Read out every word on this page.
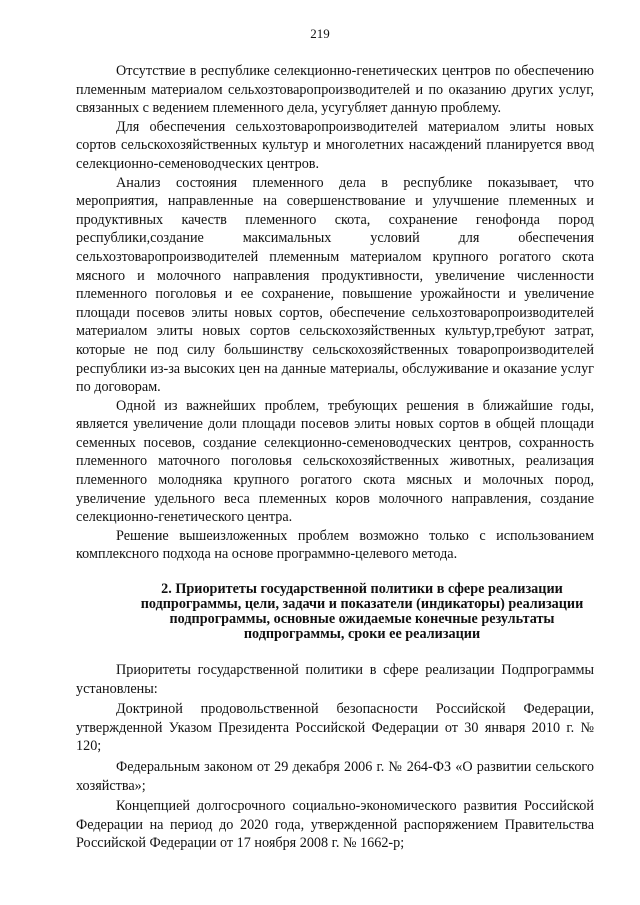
219

Отсутствие в республике селекционно-генетических центров по обеспечению племенным материалом сельхозтоваропроизводителей и по оказанию других услуг, связанных с ведением племенного дела, усугубляет данную проблему.

Для обеспечения сельхозтоваропроизводителей материалом элиты новых сортов сельскохозяйственных культур и многолетних насаждений планируется ввод селекционно-семеноводческих центров.

Анализ состояния племенного дела в республике показывает, что мероприятия, направленные на совершенствование и улучшение племенных и продуктивных качеств племенного скота, сохранение генофонда пород республики,создание максимальных условий для обеспечения сельхозтоваропроизводителей племенным материалом крупного рогатого скота мясного и молочного направления продуктивности, увеличение численности племенного поголовья и ее сохранение, повышение урожайности и увеличение площади посевов элиты новых сортов, обеспечение сельхозтоваропроизводителей материалом элиты новых сортов сельскохозяйственных культур,требуют затрат, которые не под силу большинству сельскохозяйственных товаропроизводителей республики из-за высоких цен на данные материалы, обслуживание и оказание услуг по договорам.

Одной из важнейших проблем, требующих решения в ближайшие годы, является увеличение доли площади посевов элиты новых сортов в общей площади семенных посевов, создание селекционно-семеноводческих центров, сохранность племенного маточного поголовья сельскохозяйственных животных, реализация племенного молодняка крупного рогатого скота мясных и молочных пород, увеличение удельного веса племенных коров молочного направления, создание селекционно-генетического центра.

Решение вышеизложенных проблем возможно только с использованием комплексного подхода на основе программно-целевого метода.

2. Приоритеты государственной политики в сфере реализации подпрограммы, цели, задачи и показатели (индикаторы) реализации подпрограммы, основные ожидаемые конечные результаты подпрограммы, сроки ее реализации

Приоритеты государственной политики в сфере реализации Подпрограммы установлены:

Доктриной продовольственной безопасности Российской Федерации, утвержденной Указом Президента Российской Федерации от 30 января 2010 г. № 120;

Федеральным законом от 29 декабря 2006 г. № 264-ФЗ «О развитии сельского хозяйства»;

Концепцией долгосрочного социально-экономического развития Российской Федерации на период до 2020 года, утвержденной распоряжением Правительства Российской Федерации от 17 ноября 2008 г. № 1662-р;
